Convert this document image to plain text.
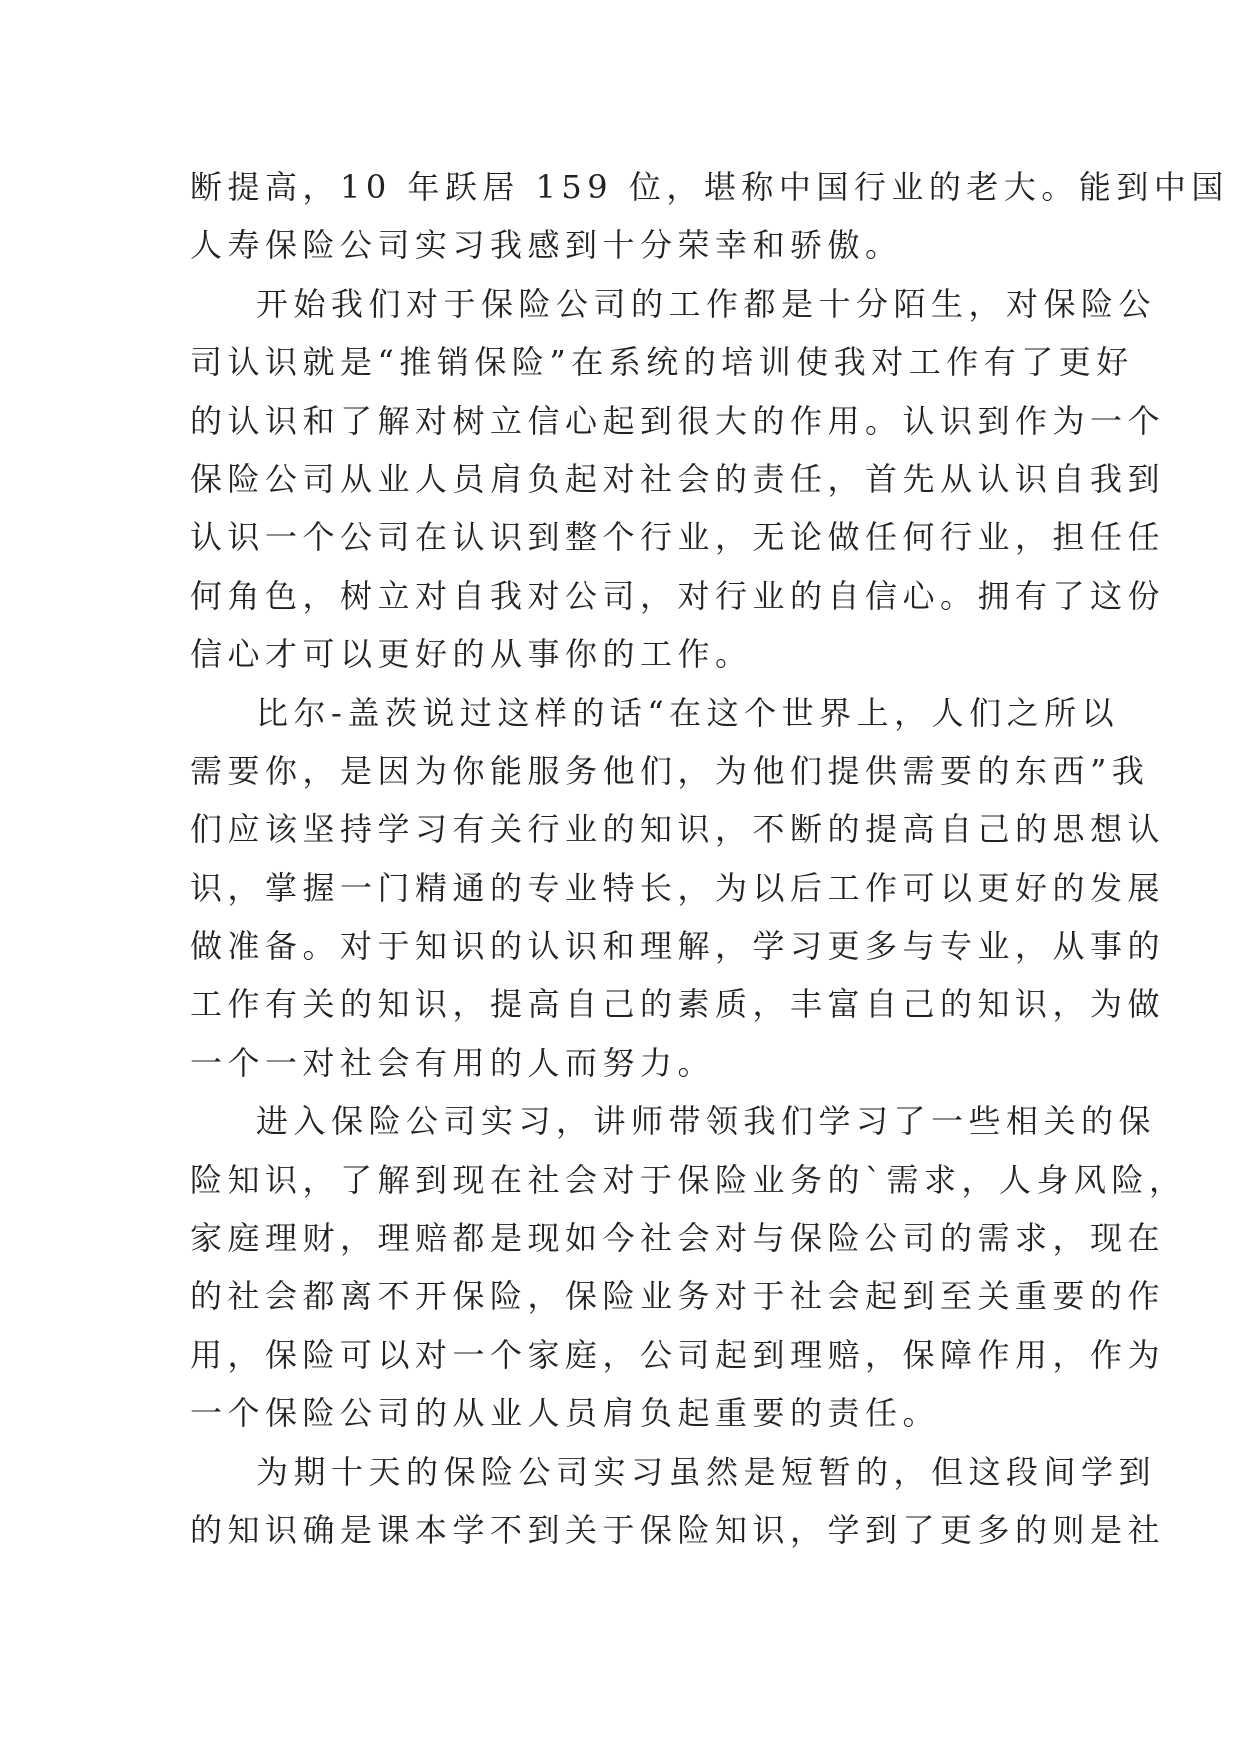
断提高，10 年跃居 159 位，堪称中国行业的老大。能到中国
人寿保险公司实习我感到十分荣幸和骄傲。
开始我们对于保险公司的工作都是十分陌生，对保险公
司认识就是“推销保险”在系统的培训使我对工作有了更好
的认识和了解对树立信心起到很大的作用。认识到作为一个
保险公司从业人员肩负起对社会的责任，首先从认识自我到
认识一个公司在认识到整个行业，无论做任何行业，担任任
何角色，树立对自我对公司，对行业的自信心。拥有了这份
信心才可以更好的从事你的工作。
比尔-盖茨说过这样的话“在这个世界上，人们之所以
需要你，是因为你能服务他们，为他们提供需要的东西”我
们应该坚持学习有关行业的知识，不断的提高自己的思想认
识，掌握一门精通的专业特长，为以后工作可以更好的发展
做准备。对于知识的认识和理解，学习更多与专业，从事的
工作有关的知识，提高自己的素质，丰富自己的知识，为做
一个一对社会有用的人而努力。
进入保险公司实习，讲师带领我们学习了一些相关的保
险知识，了解到现在社会对于保险业务的`需求，人身风险，
家庭理财，理赔都是现如今社会对与保险公司的需求，现在
的社会都离不开保险，保险业务对于社会起到至关重要的作
用，保险可以对一个家庭，公司起到理赔，保障作用，作为
一个保险公司的从业人员肩负起重要的责任。
为期十天的保险公司实习虽然是短暂的，但这段间学到
的知识确是课本学不到关于保险知识，学到了更多的则是社
